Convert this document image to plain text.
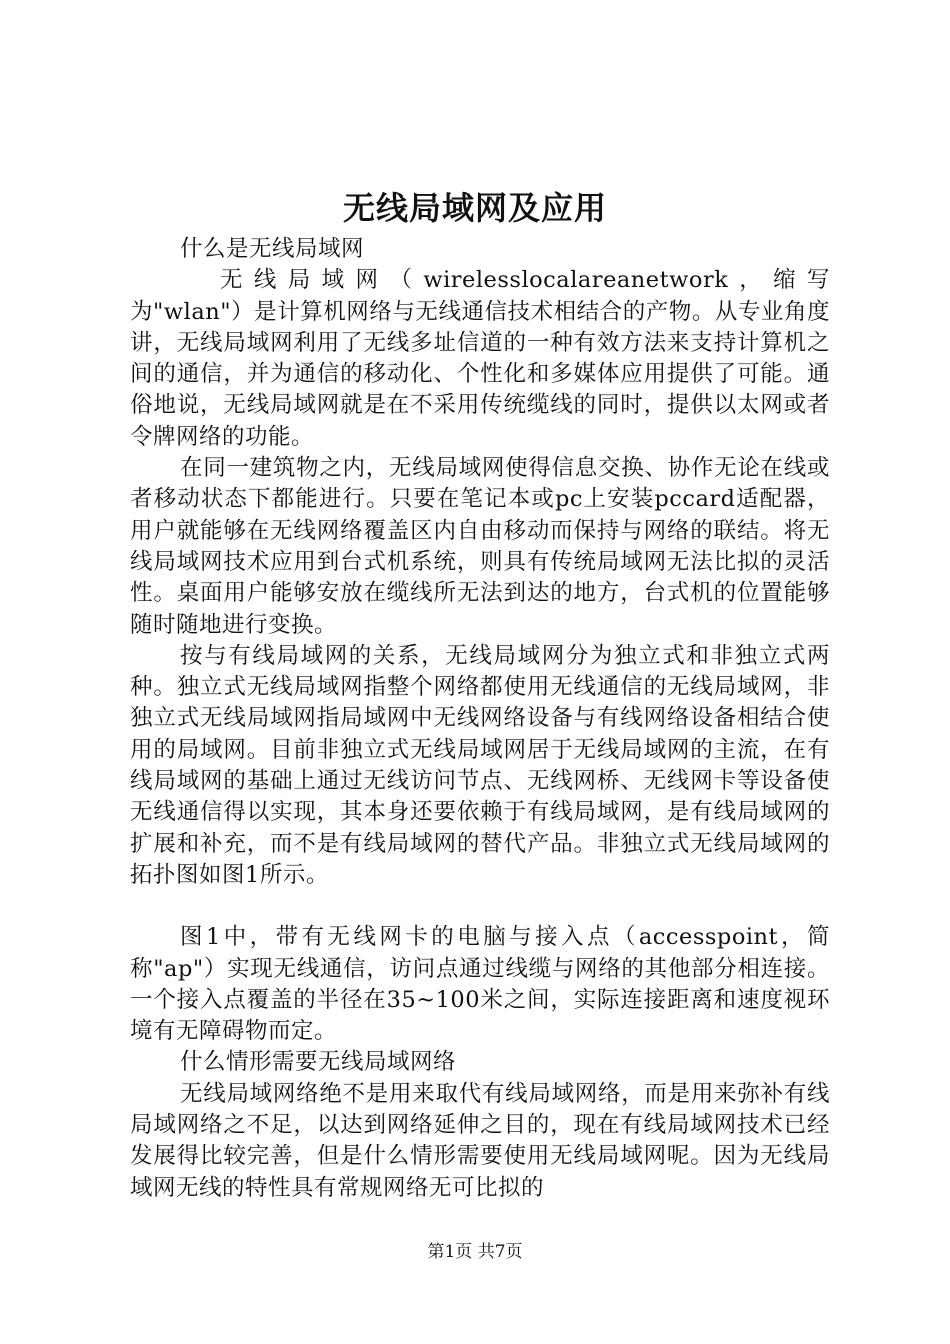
无线局域网及应用

什么是无线局域网

无线局域网（wirelesslocalareanetwork，缩写为"wlan"）是计算机网络与无线通信技术相结合的产物。从专业角度讲，无线局域网利用了无线多址信道的一种有效方法来支持计算机之间的通信，并为通信的移动化、个性化和多媒体应用提供了可能。通俗地说，无线局域网就是在不采用传统缆线的同时，提供以太网或者令牌网络的功能。

在同一建筑物之内，无线局域网使得信息交换、协作无论在线或者移动状态下都能进行。只要在笔记本或pc上安装pccard适配器，用户就能够在无线网络覆盖区内自由移动而保持与网络的联结。将无线局域网技术应用到台式机系统，则具有传统局域网无法比拟的灵活性。桌面用户能够安放在缆线所无法到达的地方，台式机的位置能够随时随地进行变换。

按与有线局域网的关系，无线局域网分为独立式和非独立式两种。独立式无线局域网指整个网络都使用无线通信的无线局域网，非独立式无线局域网指局域网中无线网络设备与有线网络设备相结合使用的局域网。目前非独立式无线局域网居于无线局域网的主流，在有线局域网的基础上通过无线访问节点、无线网桥、无线网卡等设备使无线通信得以实现，其本身还要依赖于有线局域网，是有线局域网的扩展和补充，而不是有线局域网的替代产品。非独立式无线局域网的拓扑图如图1所示。

图1中，带有无线网卡的电脑与接入点（accesspoint，简称"ap"）实现无线通信，访问点通过线缆与网络的其他部分相连接。一个接入点覆盖的半径在35~100米之间，实际连接距离和速度视环境有无障碍物而定。

什么情形需要无线局域网络

无线局域网络绝不是用来取代有线局域网络，而是用来弥补有线局域网络之不足，以达到网络延伸之目的，现在有线局域网技术已经发展得比较完善，但是什么情形需要使用无线局域网呢。因为无线局域网无线的特性具有常规网络无可比拟的

第1页 共7页
